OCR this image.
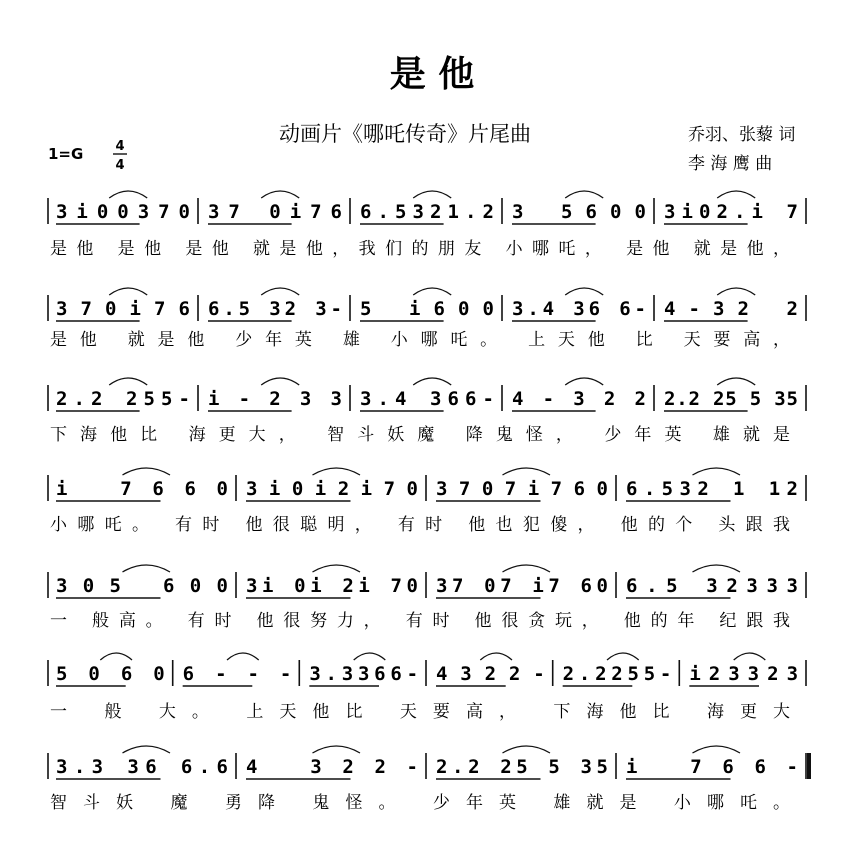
是 他
动画片《哪吒传奇》片尾曲	乔羽、张藜 词
李 海 鹰 曲
1=G 4
4
3i00370 37 0i76 6.5321.2 3 5600 3i02.i 7
是他 是他 是他 就是他，我们的朋友 小哪吒， 是他 就是他，
370i76 6.5 32 3- 5 i600 3.4 36 6- 4-32 2
是他 就是他 少年英 雄 小哪吒。 上天他 比 天要高，
2.2 255- i-233 3.4 366- 4-322 2.2 25 5 35
下海他比 海更大， 智斗妖魔 降鬼怪， 少年英 雄就是
i 7660 3i0i2i70 3707i760 6.532 1 12
小哪吒。 有时 他很聪明， 有时 他也犯傻， 他的个 头跟我
305 600 3i 0i 2i 70 37 07 i7 60 6.5 32333
一 般高。 有时 他很努力， 有时 他很贪玩， 他的年 纪跟我
5060 6--- 3.3366- 4322- 2.2255- i23323
一 般 大。 上天他比 天要高， 下海他比 海更大
3.3 36 6.6 4 322- 2.2 25 5 35 i 766-
智斗妖 魔 勇降 鬼怪。 少年英 雄就是 小哪吒。
